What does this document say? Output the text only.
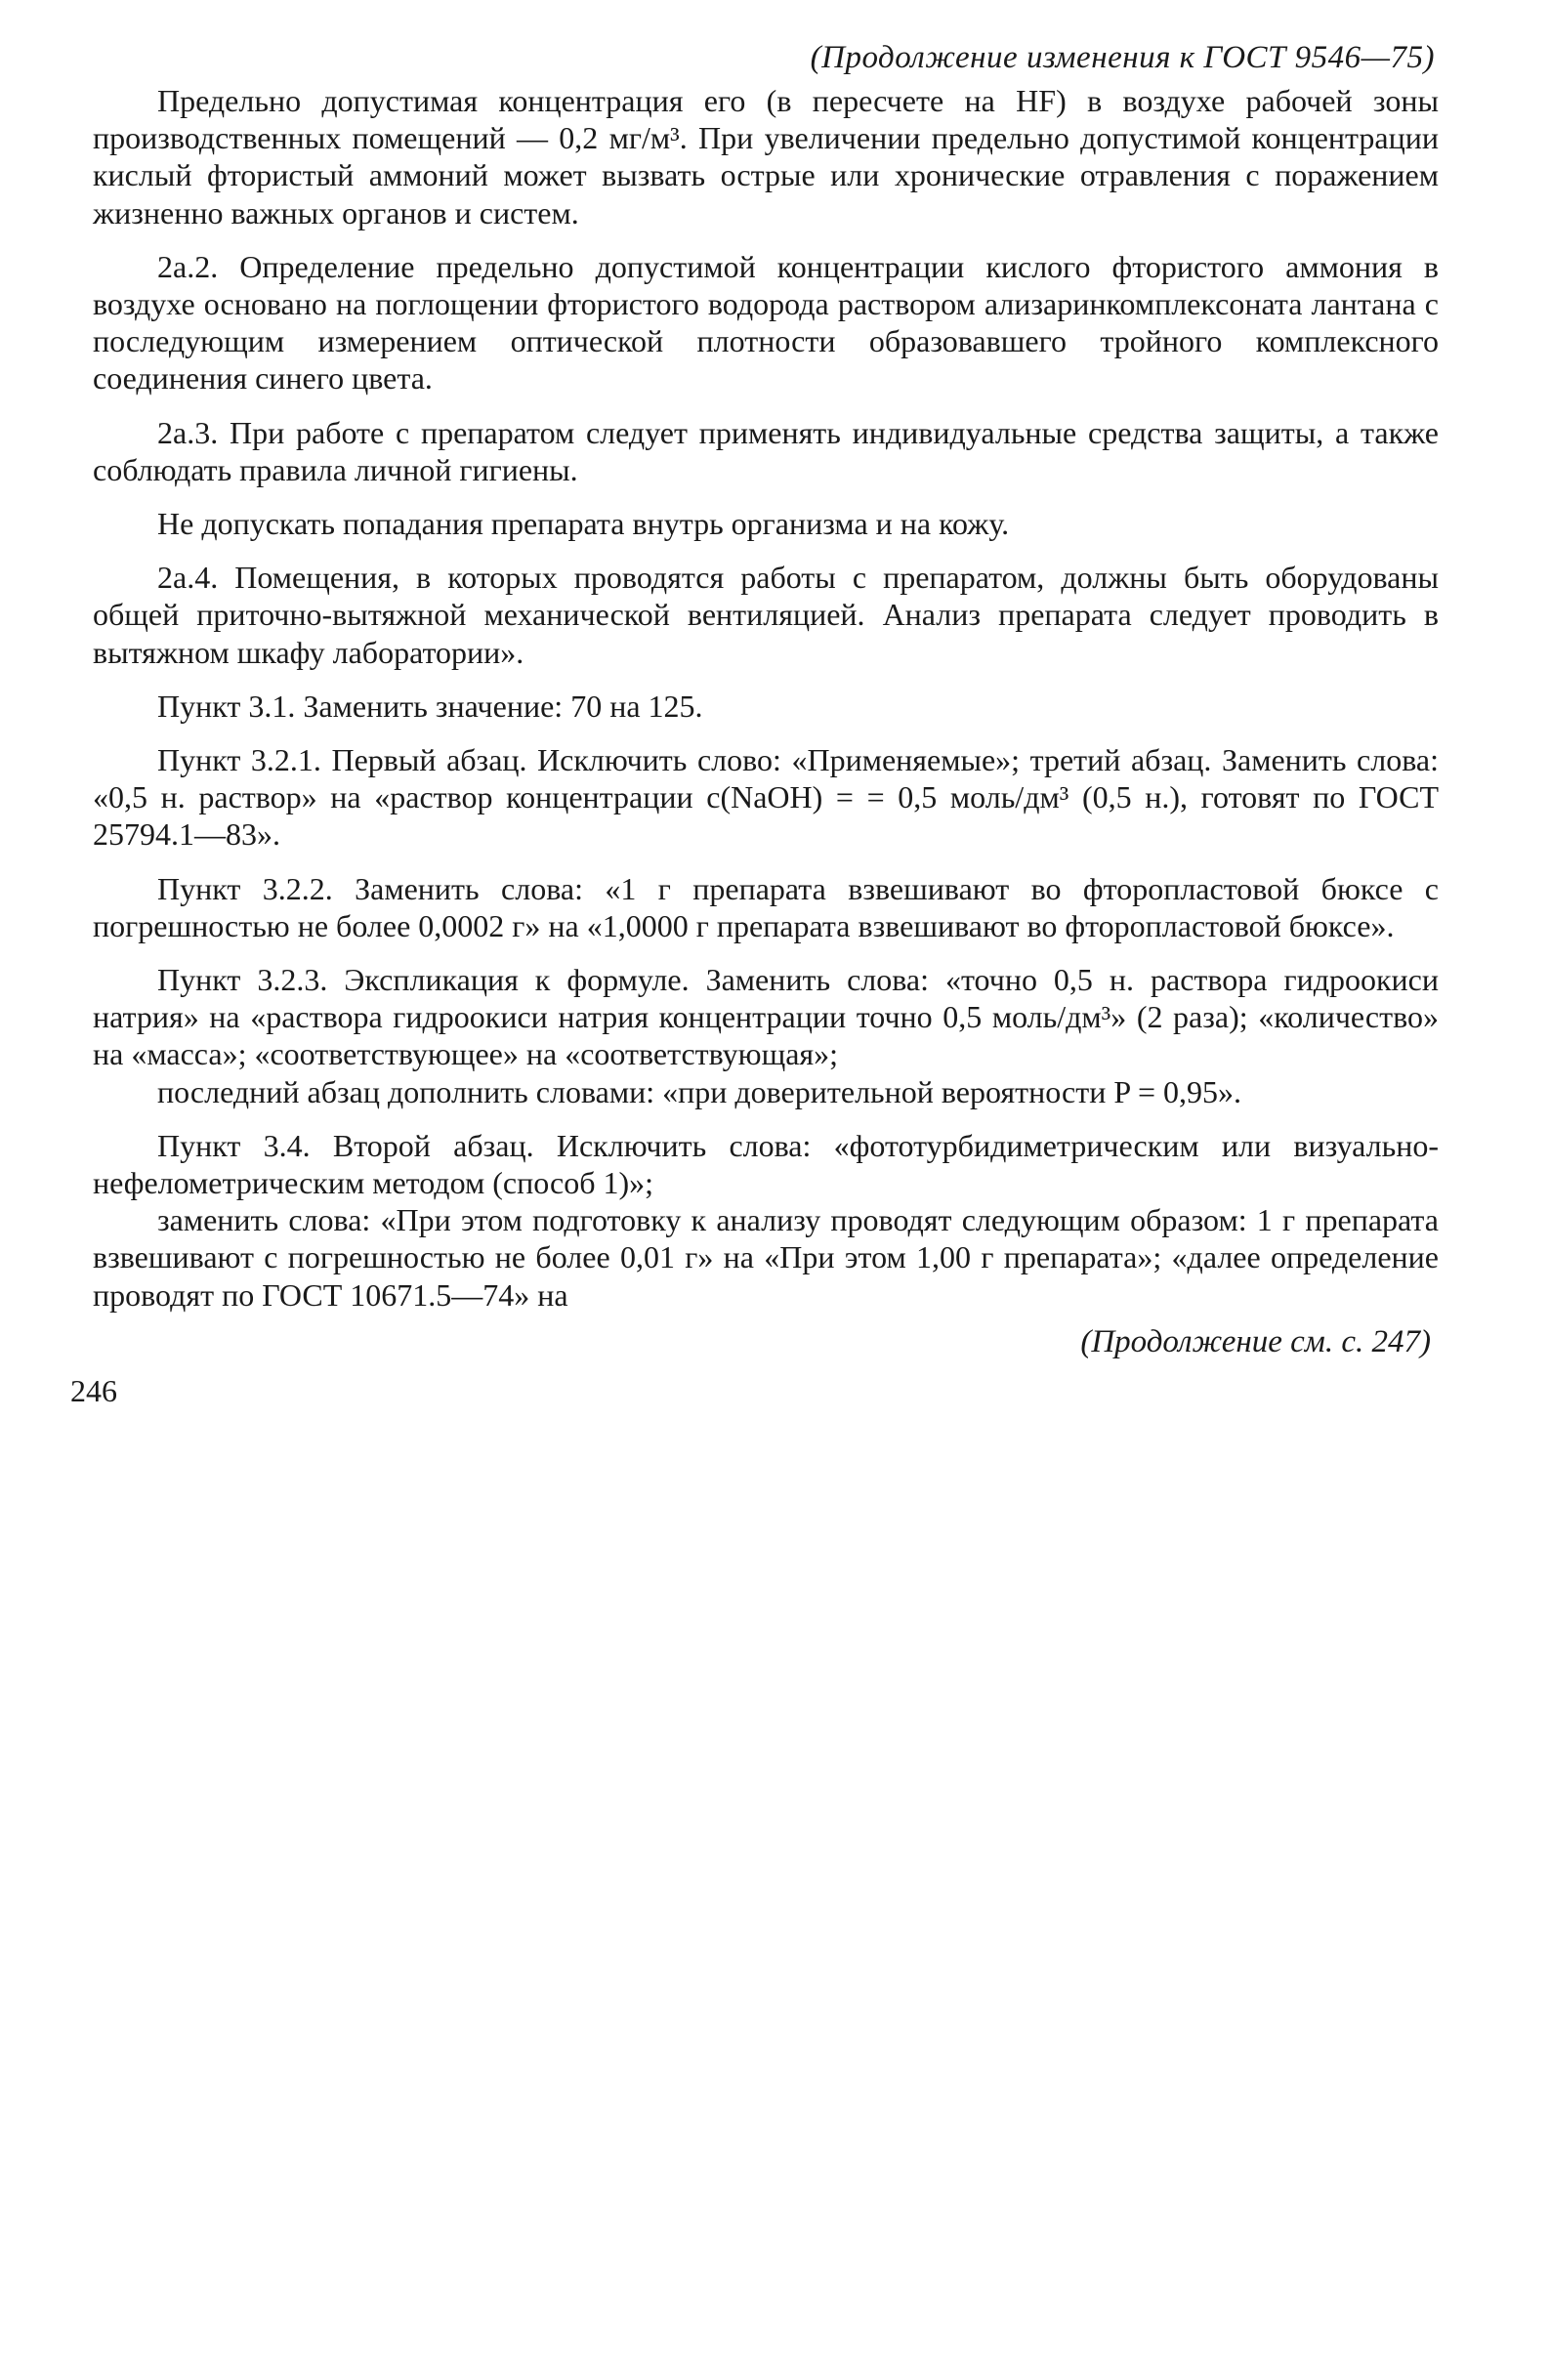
(Продолжение изменения к ГОСТ 9546—75)

Предельно допустимая концентрация его (в пересчете на HF) в воздухе рабочей зоны производственных помещений — 0,2 мг/м³. При увеличении предельно допустимой концентрации кислый фтористый аммоний может вызвать острые или хронические отравления с поражением жизненно важных органов и систем.

2а.2. Определение предельно допустимой концентрации кислого фтористого аммония в воздухе основано на поглощении фтористого водорода раствором ализаринкомплексоната лантана с последующим измерением оптической плотности образовавшего тройного комплексного соединения синего цвета.

2а.3. При работе с препаратом следует применять индивидуальные средства защиты, а также соблюдать правила личной гигиены.

Не допускать попадания препарата внутрь организма и на кожу.

2а.4. Помещения, в которых проводятся работы с препаратом, должны быть оборудованы общей приточно-вытяжной механической вентиляцией. Анализ препарата следует проводить в вытяжном шкафу лаборатории».

Пункт 3.1. Заменить значение: 70 на 125.

Пункт 3.2.1. Первый абзац. Исключить слово: «Применяемые»; третий абзац. Заменить слова: «0,5 н. раствор» на «раствор концентрации c(NaOH) = = 0,5 моль/дм³ (0,5 н.), готовят по ГОСТ 25794.1—83».

Пункт 3.2.2. Заменить слова: «1 г препарата взвешивают во фторопластовой бюксе с погрешностью не более 0,0002 г» на «1,0000 г препарата взвешивают во фторопластовой бюксе».

Пункт 3.2.3. Экспликация к формуле. Заменить слова: «точно 0,5 н. раствора гидроокиси натрия» на «раствора гидроокиси натрия концентрации точно 0,5 моль/дм³» (2 раза); «количество» на «масса»; «соответствующее» на «соответствующая»;

последний абзац дополнить словами: «при доверительной вероятности P = 0,95».

Пункт 3.4. Второй абзац. Исключить слова: «фототурбидиметрическим или визуально-нефелометрическим методом (способ 1)»;

заменить слова: «При этом подготовку к анализу проводят следующим образом: 1 г препарата взвешивают с погрешностью не более 0,01 г» на «При этом 1,00 г препарата»; «далее определение проводят по ГОСТ 10671.5—74» на

(Продолжение см. с. 247)
246
